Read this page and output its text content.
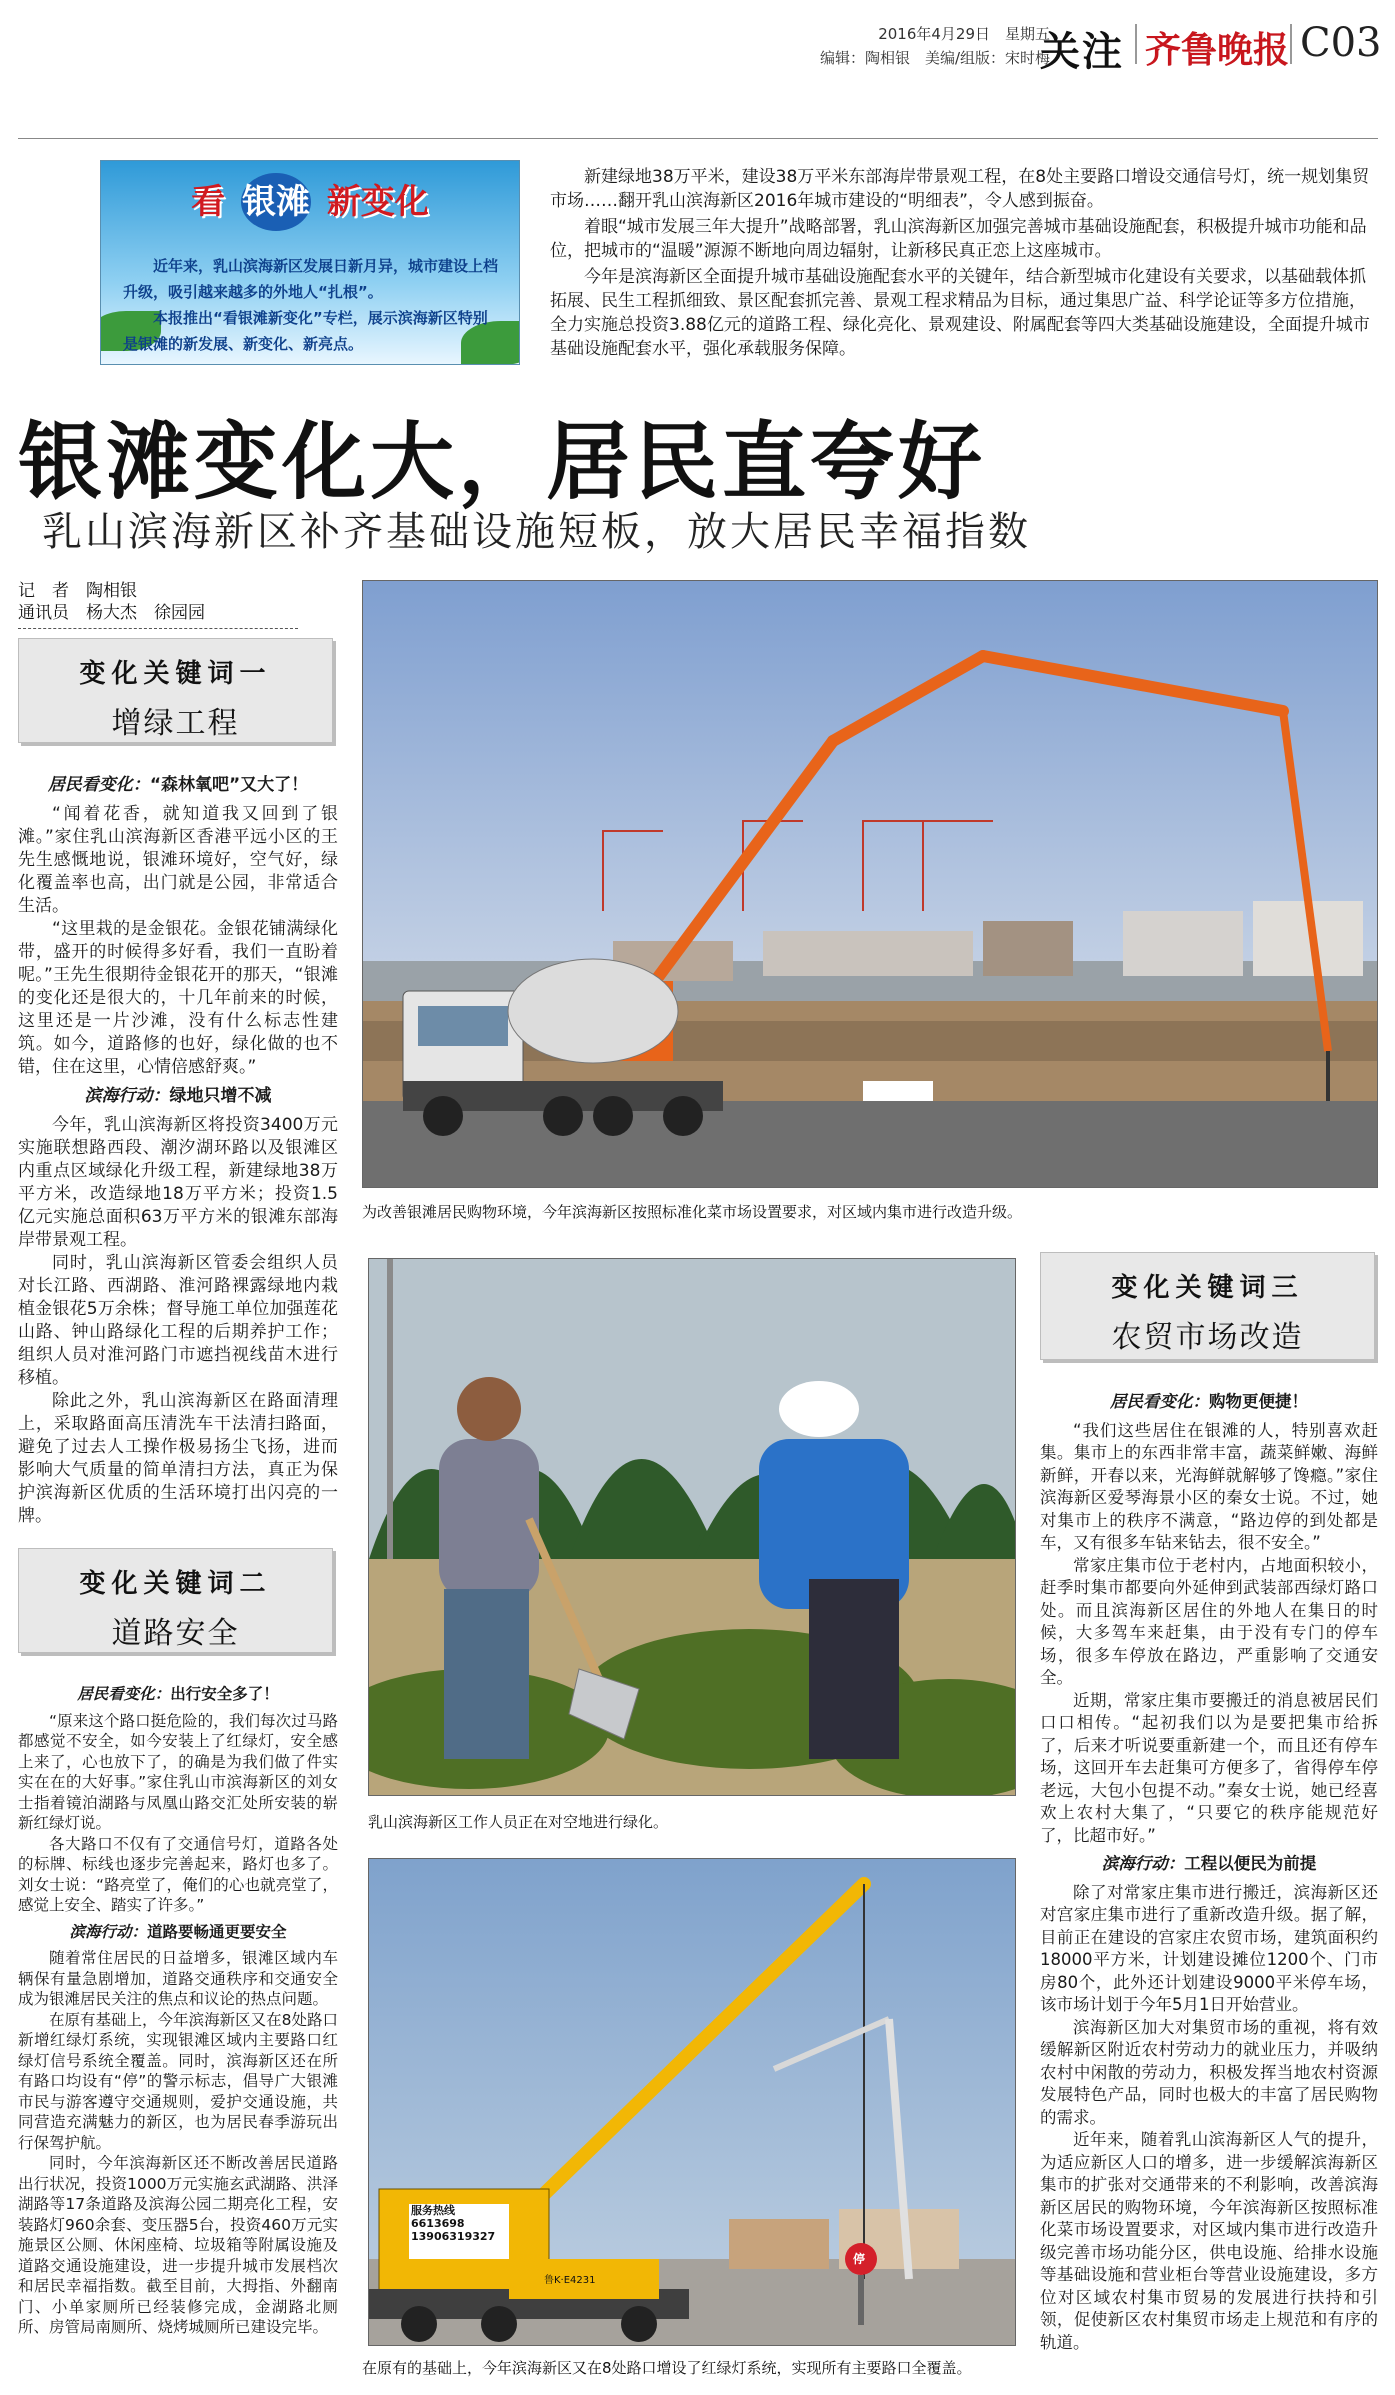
2016年4月29日　星期五
编辑：陶相银　美编/组版：宋时梅
关注 齐鲁晚报 C03
看 银滩 新变化
近年来，乳山滨海新区发展日新月异，城市建设上档升级，吸引越来越多的外地人“扎根”。
本报推出“看银滩新变化”专栏，展示滨海新区特别是银滩的新发展、新变化、新亮点。

新建绿地38万平米，建设38万平米东部海岸带景观工程，在8处主要路口增设交通信号灯，统一规划集贸市场……翻开乳山滨海新区2016年城市建设的“明细表”，令人感到振奋。

着眼“城市发展三年大提升”战略部署，乳山滨海新区加强完善城市基础设施配套，积极提升城市功能和品位，把城市的“温暖”源源不断地向周边辐射，让新移民真正恋上这座城市。

今年是滨海新区全面提升城市基础设施配套水平的关键年，结合新型城市化建设有关要求，以基础载体抓拓展、民生工程抓细致、景区配套抓完善、景观工程求精品为目标，通过集思广益、科学论证等多方位措施，全力实施总投资3.88亿元的道路工程、绿化亮化、景观建设、附属配套等四大类基础设施建设，全面提升城市基础设施配套水平，强化承载服务保障。

银滩变化大，居民直夸好
乳山滨海新区补齐基础设施短板，放大居民幸福指数
记　者　陶相银
通讯员　杨大杰　徐园园
变化关键词一
增绿工程

居民看变化：“森林氧吧”又大了！

“闻着花香，就知道我又回到了银滩。”家住乳山滨海新区香港平远小区的王先生感慨地说，银滩环境好，空气好，绿化覆盖率也高，出门就是公园，非常适合生活。

“这里栽的是金银花。金银花铺满绿化带，盛开的时候得多好看，我们一直盼着呢。”王先生很期待金银花开的那天，“银滩的变化还是很大的，十几年前来的时候，这里还是一片沙滩，没有什么标志性建筑。如今，道路修的也好，绿化做的也不错，住在这里，心情倍感舒爽。”

滨海行动：绿地只增不减

今年，乳山滨海新区将投资3400万元实施联想路西段、潮汐湖环路以及银滩区内重点区域绿化升级工程，新建绿地38万平方米，改造绿地18万平方米；投资1.5亿元实施总面积63万平方米的银滩东部海岸带景观工程。

同时，乳山滨海新区管委会组织人员对长江路、西湖路、淮河路裸露绿地内栽植金银花5万余株；督导施工单位加强莲花山路、钟山路绿化工程的后期养护工作；组织人员对淮河路门市遮挡视线苗木进行移植。

除此之外，乳山滨海新区在路面清理上，采取路面高压清洗车干法清扫路面，避免了过去人工操作极易扬尘飞扬，进而影响大气质量的简单清扫方法，真正为保护滨海新区优质的生活环境打出闪亮的一牌。

变化关键词二
道路安全

居民看变化：出行安全多了！

“原来这个路口挺危险的，我们每次过马路都感觉不安全，如今安装上了红绿灯，安全感上来了，心也放下了，的确是为我们做了件实实在在的大好事。”家住乳山市滨海新区的刘女士指着镜泊湖路与凤凰山路交汇处所安装的崭新红绿灯说。

各大路口不仅有了交通信号灯，道路各处的标牌、标线也逐步完善起来，路灯也多了。刘女士说：“路亮堂了，俺们的心也就亮堂了，感觉上安全、踏实了许多。”

滨海行动：道路要畅通更要安全

随着常住居民的日益增多，银滩区域内车辆保有量急剧增加，道路交通秩序和交通安全成为银滩居民关注的焦点和议论的热点问题。

在原有基础上，今年滨海新区又在8处路口新增红绿灯系统，实现银滩区域内主要路口红绿灯信号系统全覆盖。同时，滨海新区还在所有路口均设有“停”的警示标志，倡导广大银滩市民与游客遵守交通规则，爱护交通设施，共同营造充满魅力的新区，也为居民春季游玩出行保驾护航。

同时，今年滨海新区还不断改善居民道路出行状况，投资1000万元实施玄武湖路、洪泽湖路等17条道路及滨海公园二期亮化工程，安装路灯960余套、变压器5台，投资460万元实施景区公厕、休闲座椅、垃圾箱等附属设施及道路交通设施建设，进一步提升城市发展档次和居民幸福指数。截至目前，大拇指、外翻南门、小单家厕所已经装修完成，金湖路北厕所、房管局南厕所、烧烤城厕所已建设完毕。

为改善银滩居民购物环境，今年滨海新区按照标准化菜市场设置要求，对区域内集市进行改造升级。
乳山滨海新区工作人员正在对空地进行绿化。
服务热线
6613698
13906319327
鲁K·E4231
停
在原有的基础上，今年滨海新区又在8处路口增设了红绿灯系统，实现所有主要路口全覆盖。
变化关键词三
农贸市场改造

居民看变化：购物更便捷！

“我们这些居住在银滩的人，特别喜欢赶集。集市上的东西非常丰富，蔬菜鲜嫩、海鲜新鲜，开春以来，光海鲜就解够了馋瘾。”家住滨海新区爱琴海景小区的秦女士说。不过，她对集市上的秩序不满意，“路边停的到处都是车，又有很多车钻来钻去，很不安全。”

常家庄集市位于老村内，占地面积较小，赶季时集市都要向外延伸到武装部西绿灯路口处。而且滨海新区居住的外地人在集日的时候，大多驾车来赶集，由于没有专门的停车场，很多车停放在路边，严重影响了交通安全。

近期，常家庄集市要搬迁的消息被居民们口口相传。“起初我们以为是要把集市给拆了，后来才听说要重新建一个，而且还有停车场，这回开车去赶集可方便多了，省得停车停老远，大包小包提不动。”秦女士说，她已经喜欢上农村大集了，“只要它的秩序能规范好了，比超市好。”

滨海行动：工程以便民为前提

除了对常家庄集市进行搬迁，滨海新区还对宫家庄集市进行了重新改造升级。据了解，目前正在建设的宫家庄农贸市场，建筑面积约18000平方米，计划建设摊位1200个、门市房80个，此外还计划建设9000平米停车场，该市场计划于今年5月1日开始营业。

滨海新区加大对集贸市场的重视，将有效缓解新区附近农村劳动力的就业压力，并吸纳农村中闲散的劳动力，积极发挥当地农村资源发展特色产品，同时也极大的丰富了居民购物的需求。

近年来，随着乳山滨海新区人气的提升，为适应新区人口的增多，进一步缓解滨海新区集市的扩张对交通带来的不利影响，改善滨海新区居民的购物环境，今年滨海新区按照标准化菜市场设置要求，对区域内集市进行改造升级完善市场功能分区，供电设施、给排水设施等基础设施和营业柜台等营业设施建设，多方位对区域农村集市贸易的发展进行扶持和引领，促使新区农村集贸市场走上规范和有序的轨道。
